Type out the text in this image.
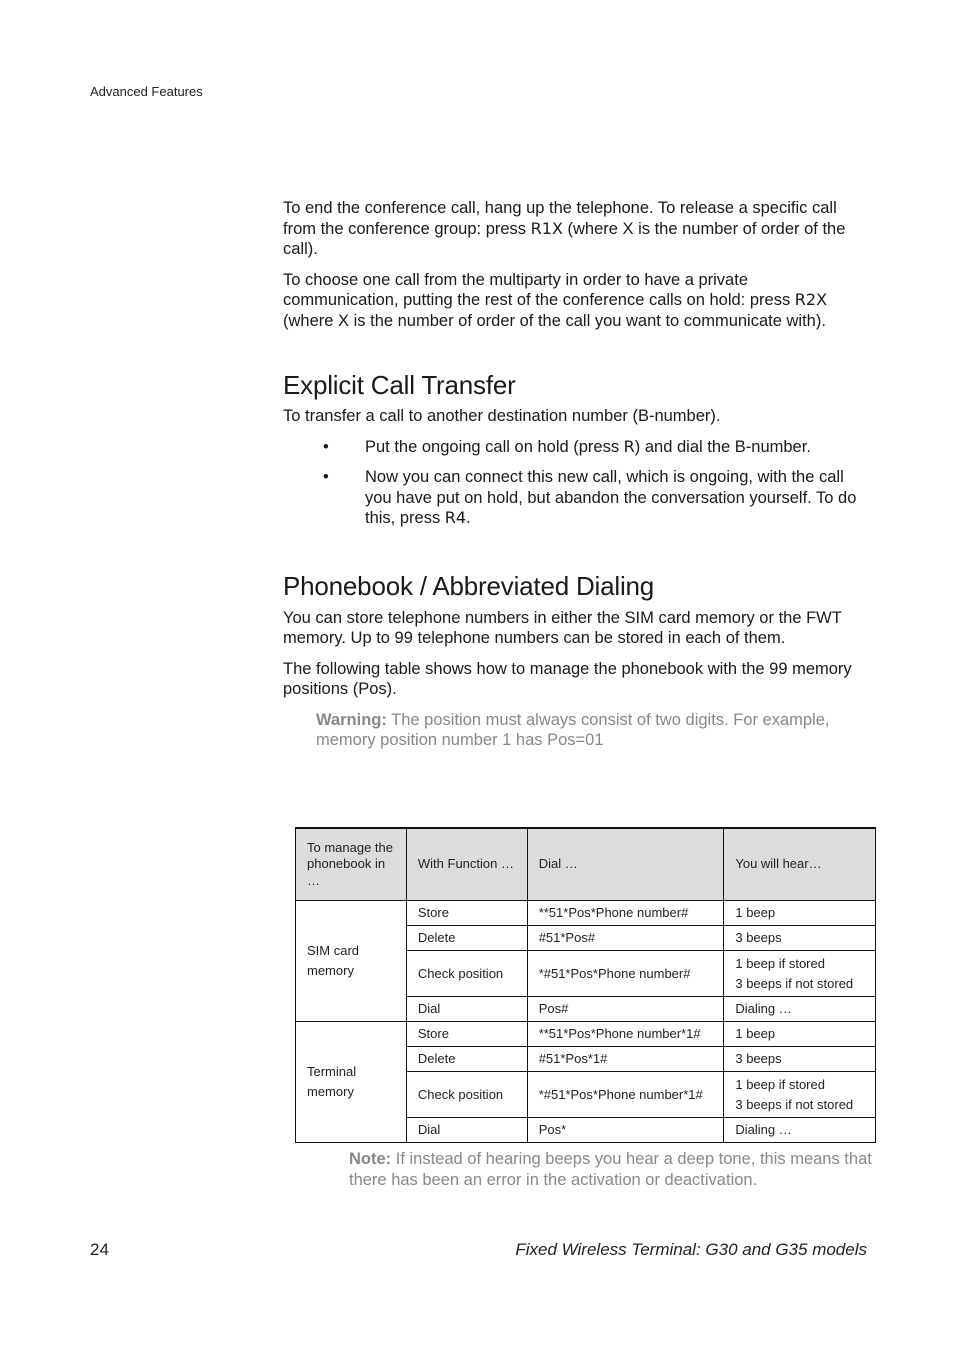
Advanced Features

To end the conference call, hang up the telephone. To release a specific call from the conference group: press R1X (where X is the number of order of the call).

To choose one call from the multiparty in order to have a private communication, putting the rest of the conference calls on hold: press R2X (where X is the number of order of the call you want to communicate with).

Explicit Call Transfer

To transfer a call to another destination number (B-number).

• Put the ongoing call on hold (press R) and dial the B-number.
• Now you can connect this new call, which is ongoing, with the call you have put on hold, but abandon the conversation yourself. To do this, press R4.
Phonebook / Abbreviated Dialing

You can store telephone numbers in either the SIM card memory or the FWT memory. Up to 99 telephone numbers can be stored in each of them.

The following table shows how to manage the phonebook with the 99 memory positions (Pos).

Warning: The position must always consist of two digits. For example, memory position number 1 has Pos=01
To manage the phonebook in …	With Function …	Dial …	You will hear…
SIM card memory	Store	**51*Pos*Phone number#	1 beep
	Delete	#51*Pos#	3 beeps
	Check position	*#51*Pos*Phone number#	1 beep if stored
3 beeps if not stored

	Dial	Pos#	Dialing …
Terminal memory	Store	**51*Pos*Phone number*1#	1 beep
	Delete	#51*Pos*1#	3 beeps
	Check position	*#51*Pos*Phone number*1#	1 beep if stored
3 beeps if not stored

	Dial	Pos*	Dialing …
Note: If instead of hearing beeps you hear a deep tone, this means that there has been an error in the activation or deactivation.
24	Fixed Wireless Terminal: G30 and G35 models
